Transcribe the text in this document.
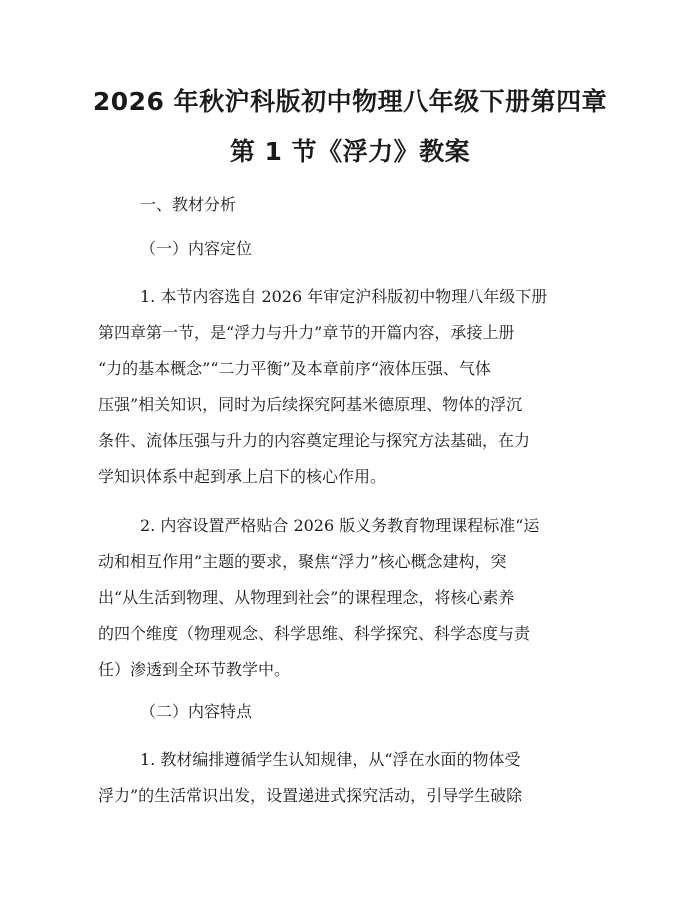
2026 年秋沪科版初中物理八年级下册第四章
第 1 节《浮力》教案
一、教材分析
（一）内容定位
1. 本节内容选自 2026 年审定沪科版初中物理八年级下册
第四章第一节，是“浮力与升力”章节的开篇内容，承接上册
“力的基本概念”“二力平衡”及本章前序“液体压强、气体
压强”相关知识，同时为后续探究阿基米德原理、物体的浮沉
条件、流体压强与升力的内容奠定理论与探究方法基础，在力
学知识体系中起到承上启下的核心作用。
2. 内容设置严格贴合 2026 版义务教育物理课程标准“运
动和相互作用”主题的要求，聚焦“浮力”核心概念建构，突
出“从生活到物理、从物理到社会”的课程理念，将核心素养
的四个维度（物理观念、科学思维、科学探究、科学态度与责
任）渗透到全环节教学中。
（二）内容特点
1. 教材编排遵循学生认知规律，从“浮在水面的物体受
浮力”的生活常识出发，设置递进式探究活动，引导学生破除
